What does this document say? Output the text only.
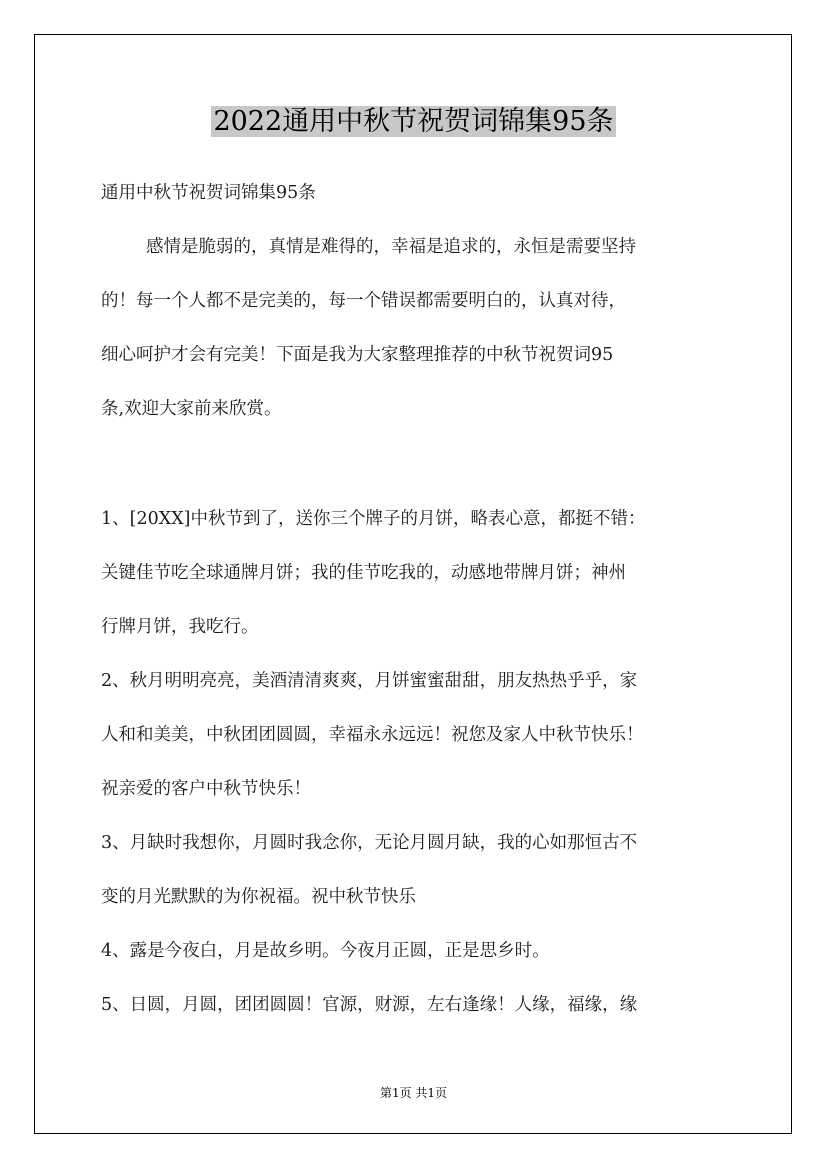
2022通用中秋节祝贺词锦集95条
通用中秋节祝贺词锦集95条
感情是脆弱的，真情是难得的，幸福是追求的，永恒是需要坚持
的！每一个人都不是完美的，每一个错误都需要明白的，认真对待，
细心呵护才会有完美！下面是我为大家整理推荐的中秋节祝贺词95
条,欢迎大家前来欣赏。
1、[20XX]中秋节到了，送你三个牌子的月饼，略表心意，都挺不错：
关键佳节吃全球通牌月饼；我的佳节吃我的，动感地带牌月饼；神州
行牌月饼，我吃行。
2、秋月明明亮亮，美酒清清爽爽，月饼蜜蜜甜甜，朋友热热乎乎，家
人和和美美，中秋团团圆圆，幸福永永远远！祝您及家人中秋节快乐！
祝亲爱的客户中秋节快乐！
3、月缺时我想你，月圆时我念你，无论月圆月缺，我的心如那恒古不
变的月光默默的为你祝福。祝中秋节快乐
4、露是今夜白，月是故乡明。今夜月正圆，正是思乡时。
5、日圆，月圆，团团圆圆！官源，财源，左右逢缘！人缘，福缘，缘
第1页 共1页
